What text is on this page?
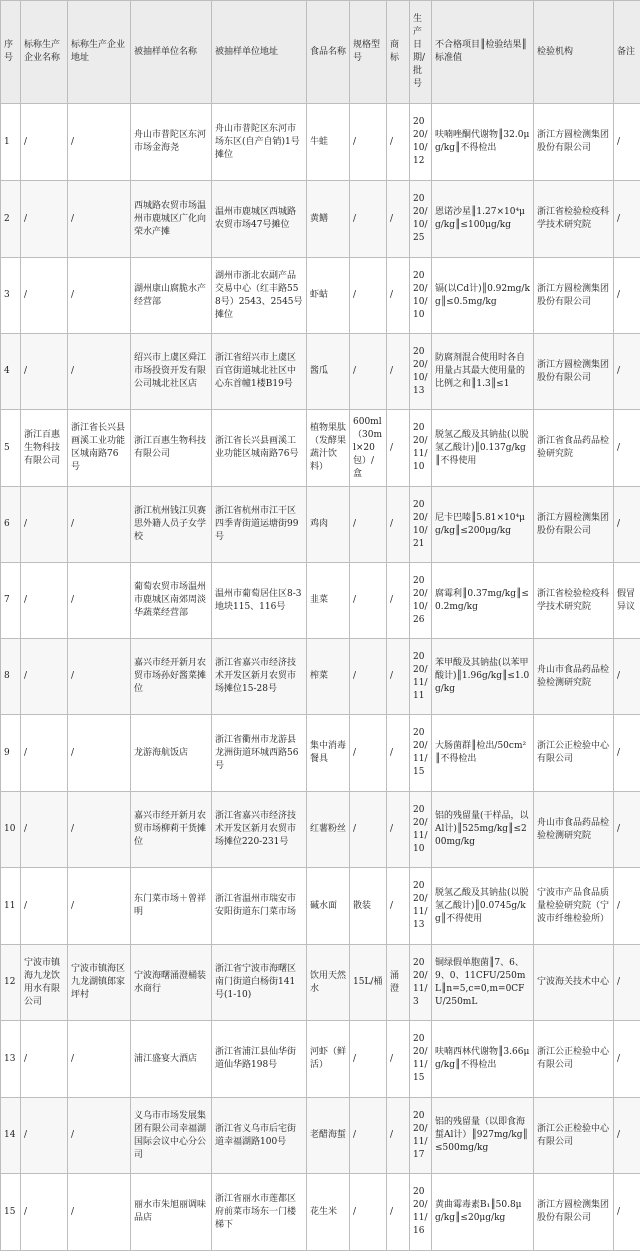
序号	标称生产企业名称	标称生产企业地址	被抽样单位名称	被抽样单位地址	食品名称	规格型号	商标	生产日期/批号	不合格项目║检验结果║标准值	检验机构	备注
1	/	/	舟山市普陀区东河市场金海尧	舟山市普陀区东河市场东区(自产自销)1号摊位	牛蛙	/	/	2020/10/12	呋喃唑酮代谢物║32.0μg/kg║不得检出	浙江方圆检测集团股份有限公司	/
2	/	/	西城路农贸市场温州市鹿城区广化向荣水产摊	温州市鹿城区西城路农贸市场47号摊位	黄鳝	/	/	2020/10/25	恩诺沙星║1.27×10⁴μg/kg║≤100μg/kg	浙江省检验检疫科学技术研究院	/
3	/	/	湖州康山腐脆水产经营部	湖州市浙北农副产品交易中心（红丰路558号）2543、2545号摊位	虾蛄	/	/	2020/10/10	镉(以Cd计)║0.92mg/kg║≤0.5mg/kg	浙江方圆检测集团股份有限公司	/
4	/	/	绍兴市上虞区舜江市场投资开发有限公司城北社区店	浙江省绍兴市上虞区百官街道城北社区中心东首幢1楼B19号	酱瓜	/	/	2020/10/13	防腐剂混合使用时各自用量占其最大使用量的比例之和║1.3║≤1	浙江方圆检测集团股份有限公司	/
5	浙江百惠生物科技有限公司	浙江省长兴县画溪工业功能区城南路76号	浙江百惠生物科技有限公司	浙江省长兴县画溪工业功能区城南路76号	植物果肽（发酵果蔬汁饮料）	600ml（30ml×20包）/盒	/	2020/11/10	脱氢乙酸及其钠盐(以脱氢乙酸计)║0.137g/kg║不得使用	浙江省食品药品检验研究院	/
6	/	/	浙江杭州钱江贝赛思外籍人员子女学校	浙江省杭州市江干区四季青街道运塘街99号	鸡肉	/	/	2020/10/21	尼卡巴嗪║5.81×10⁴μg/kg║≤200μg/kg	浙江方圆检测集团股份有限公司	/
7	/	/	葡萄农贸市场温州市鹿城区南郊周淡华蔬菜经营部	温州市葡萄居住区8-3地块115、116号	韭菜	/	/	2020/10/26	腐霉利║0.37mg/kg║≤0.2mg/kg	浙江省检验检疫科学技术研究院	假冒异议
8	/	/	嘉兴市经开新月农贸市场孙好酱菜摊位	浙江省嘉兴市经济技术开发区新月农贸市场摊位15-28号	榨菜	/	/	2020/11/11	苯甲酸及其钠盐(以苯甲酸计)║1.96g/kg║≤1.0g/kg	舟山市食品药品检验检测研究院	/
9	/	/	龙游海航饭店	浙江省衢州市龙游县龙洲街道环城西路56号	集中消毒餐具	/	/	2020/11/15	大肠菌群║检出/50cm²║不得检出	浙江公正检验中心有限公司	/
10	/	/	嘉兴市经开新月农贸市场柳莉干货摊位	浙江省嘉兴市经济技术开发区新月农贸市场摊位220-231号	红薯粉丝	/	/	2020/11/10	铝的残留量(干样品，以Al计)║525mg/kg║≤200mg/kg	舟山市食品药品检验检测研究院	/
11	/	/	东门菜市场＋曾祥明	浙江省温州市瑞安市安阳街道东门菜市场	碱水面	散装	/	2020/11/13	脱氢乙酸及其钠盐(以脱氢乙酸计)║0.0745g/kg║不得使用	宁波市产品食品质量检验研究院（宁波市纤维检验所）	/
12	宁波市镇海九龙饮用水有限公司	宁波市镇海区九龙湖镇郎家坪村	宁波海曙涌澄桶装水商行	浙江省宁波市海曙区南门街道白杨街141号(1-10)	饮用天然水	15L/桶	涌澄	2020/11/3	铜绿假单胞菌║7、6、9、0、11CFU/250mL║n=5,c=0,m=0CFU/250mL	宁波海关技术中心	/
13	/	/	浦江盛宴大酒店	浙江省浦江县仙华街道仙华路198号	河虾（鲜活）	/	/	2020/11/15	呋喃西林代谢物║3.66μg/kg║不得检出	浙江公正检验中心有限公司	/
14	/	/	义乌市市场发展集团有限公司幸福湖国际会议中心分公司	浙江省义乌市后宅街道幸福湖路100号	老醋海蜇	/	/	2020/11/17	铝的残留量（以即食海蜇Al计）║927mg/kg║≤500mg/kg	浙江公正检验中心有限公司	/
15	/	/	丽水市朱旭丽调味品店	浙江省丽水市莲都区府前菜市场东一门楼梯下	花生米	/	/	2020/11/16	黄曲霉毒素B₁║50.8μg/kg║≤20μg/kg	浙江方圆检测集团股份有限公司	/
